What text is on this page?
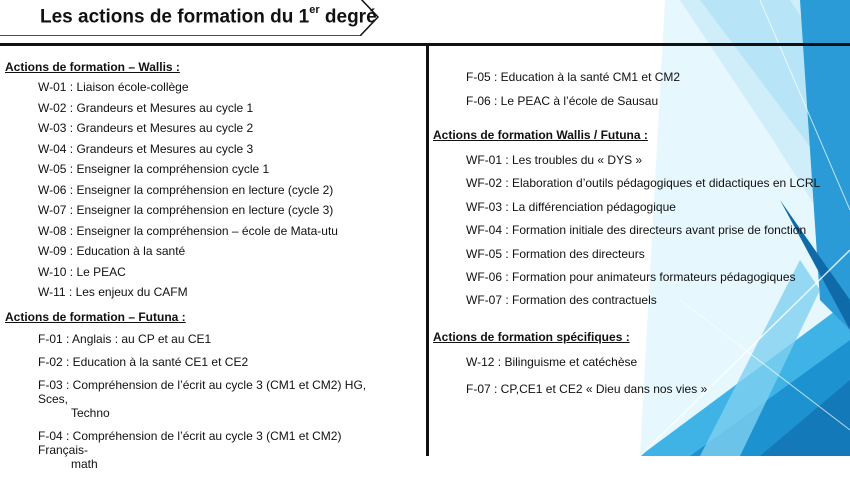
Les actions de formation du 1er degré

Actions de formation – Wallis :

W-01 : Liaison école-collège
W-02 : Grandeurs et Mesures au cycle 1
W-03 : Grandeurs et Mesures au cycle 2
W-04 : Grandeurs et Mesures au cycle 3
W-05 : Enseigner la compréhension cycle 1
W-06 : Enseigner la compréhension en lecture (cycle 2)
W-07 : Enseigner la compréhension en lecture (cycle 3)
W-08 : Enseigner la compréhension – école de Mata-utu
W-09 : Education à la santé
W-10 : Le PEAC
W-11 : Les enjeux du CAFM

Actions de formation – Futuna :

F-01 : Anglais : au CP et au CE1
F-02 : Education à la santé CE1 et CE2
F-03 : Compréhension de l’écrit au cycle 3 (CM1 et CM2) HG, Sces,
Techno
F-04 : Compréhension de l’écrit au cycle 3 (CM1 et CM2) Français-
math
F-05 : Education à la santé CM1 et CM2
F-06 : Le PEAC à l’école de Sausau

Actions de formation Wallis / Futuna :

WF-01 : Les troubles du « DYS »
WF-02 : Elaboration d’outils pédagogiques et didactiques en LCRL
WF-03 : La différenciation pédagogique
WF-04 : Formation initiale des directeurs avant prise de fonction
WF-05 : Formation des directeurs
WF-06 : Formation pour animateurs formateurs pédagogiques
WF-07 : Formation des contractuels

Actions de formation spécifiques :

W-12 : Bilinguisme et catéchèse
F-07 : CP,CE1 et CE2 « Dieu dans nos vies »
